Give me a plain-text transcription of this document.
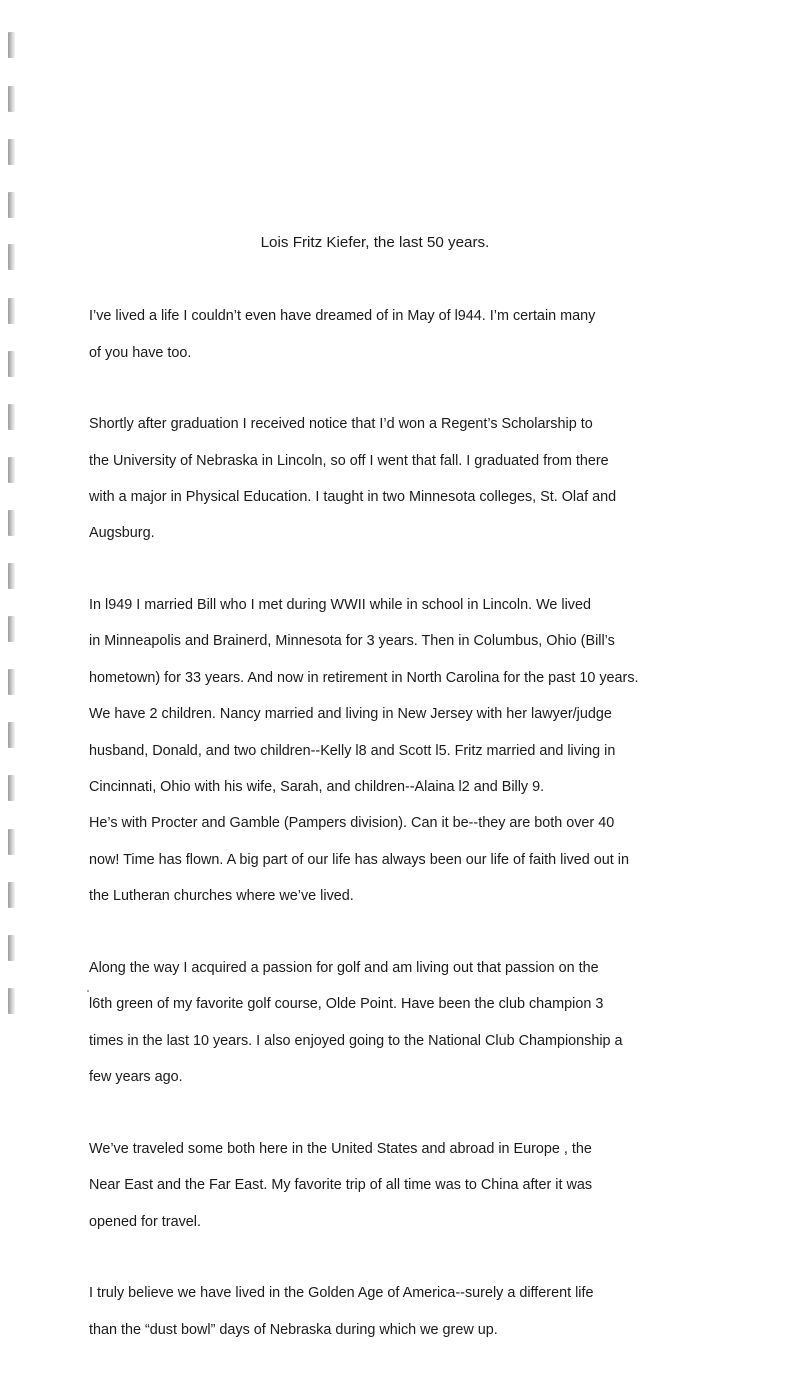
Lois Fritz Kiefer, the last 50 years.

I’ve lived a life I couldn’t even have dreamed of in May of l944. I’m certain many

of you have too.

Shortly after graduation I received notice that I’d won a Regent’s Scholarship to

the University of Nebraska in Lincoln, so off I went that fall. I graduated from there

with a major in Physical Education. I taught in two Minnesota colleges, St. Olaf and

Augsburg.

In l949 I married Bill who I met during WWII while in school in Lincoln. We lived

in Minneapolis and Brainerd, Minnesota for 3 years. Then in Columbus, Ohio (Bill’s

hometown) for 33 years. And now in retirement in North Carolina for the past 10 years.

We have 2 children. Nancy married and living in New Jersey with her lawyer/judge

husband, Donald, and two children--Kelly l8 and Scott l5. Fritz married and living in

Cincinnati, Ohio with his wife, Sarah, and children--Alaina l2 and Billy 9.

He’s with Procter and Gamble (Pampers division). Can it be--they are both over 40

now! Time has flown. A big part of our life has always been our life of faith lived out in

the Lutheran churches where we’ve lived.

Along the way I acquired a passion for golf and am living out that passion on the

l6th green of my favorite golf course, Olde Point. Have been the club champion 3

times in the last 10 years. I also enjoyed going to the National Club Championship a

few years ago.

We’ve traveled some both here in the United States and abroad in Europe , the

Near East and the Far East. My favorite trip of all time was to China after it was

opened for travel.

I truly believe we have lived in the Golden Age of America--surely a different life

than the “dust bowl” days of Nebraska during which we grew up.
